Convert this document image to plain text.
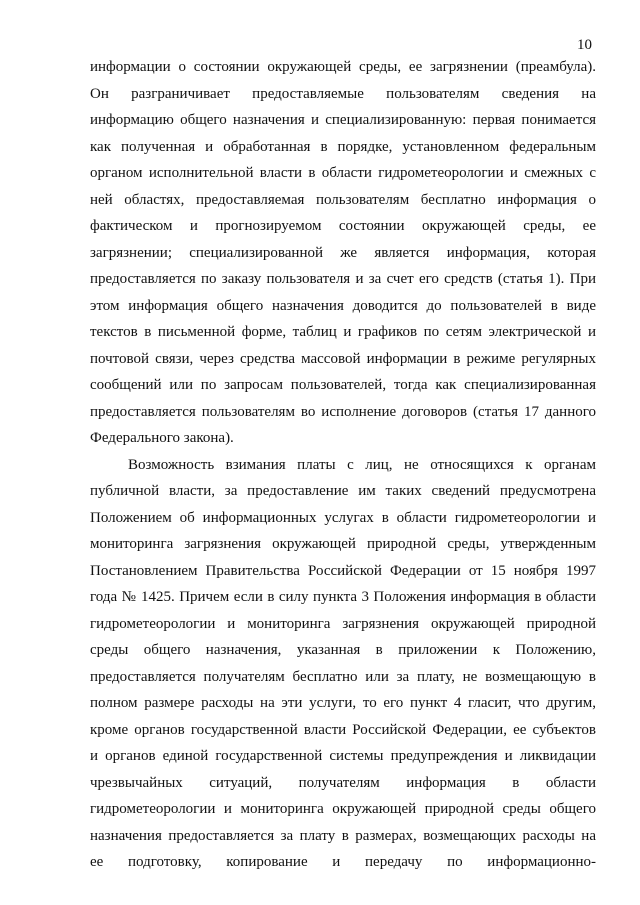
10

информации о состоянии окружающей среды, ее загрязнении (преамбула).
Он разграничивает предоставляемые пользователям сведения на
информацию общего назначения и специализированную: первая понимается
как полученная и обработанная в порядке, установленном федеральным
органом исполнительной власти в области гидрометеорологии и смежных с
ней областях, предоставляемая пользователям бесплатно информация о
фактическом и прогнозируемом состоянии окружающей среды, ее
загрязнении; специализированной же является информация, которая
предоставляется по заказу пользователя и за счет его средств (статья 1). При
этом информация общего назначения доводится до пользователей в виде
текстов в письменной форме, таблиц и графиков по сетям электрической и
почтовой связи, через средства массовой информации в режиме регулярных
сообщений или по запросам пользователей, тогда как специализированная
предоставляется пользователям во исполнение договоров (статья 17 данного
Федерального закона).

Возможность взимания платы с лиц, не относящихся к органам
публичной власти, за предоставление им таких сведений предусмотрена
Положением об информационных услугах в области гидрометеорологии и
мониторинга загрязнения окружающей природной среды, утвержденным
Постановлением Правительства Российской Федерации от 15 ноября 1997
года № 1425. Причем если в силу пункта 3 Положения информация в области
гидрометеорологии и мониторинга загрязнения окружающей природной
среды общего назначения, указанная в приложении к Положению,
предоставляется получателям бесплатно или за плату, не возмещающую в
полном размере расходы на эти услуги, то его пункт 4 гласит, что другим,
кроме органов государственной власти Российской Федерации, ее субъектов
и органов единой государственной системы предупреждения и ликвидации
чрезвычайных ситуаций, получателям информация в области
гидрометеорологии и мониторинга окружающей природной среды общего
назначения предоставляется за плату в размерах, возмещающих расходы на
ее подготовку, копирование и передачу по информационно-
